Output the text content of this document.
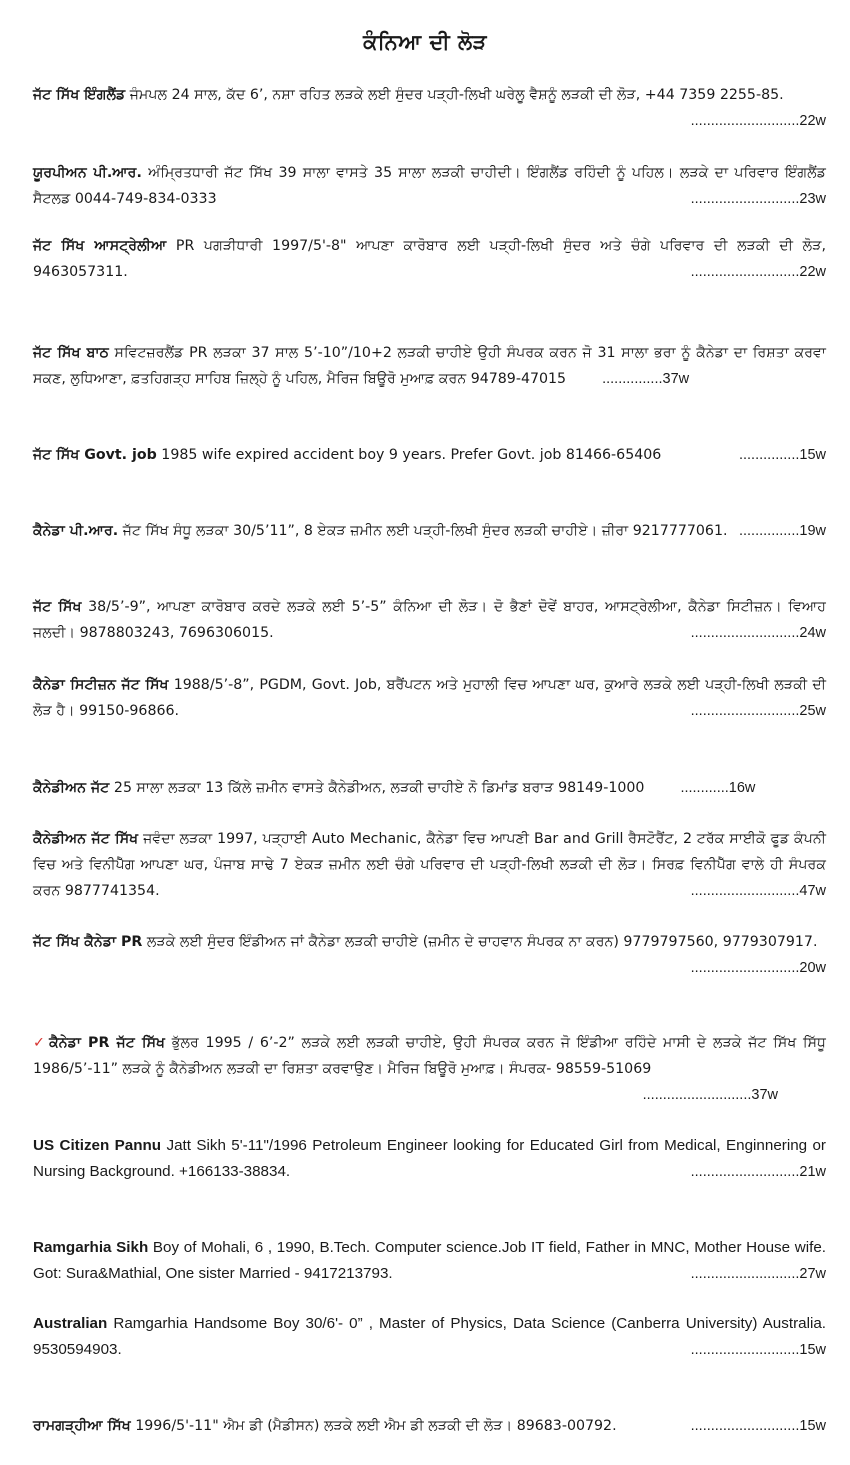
ਕੰਨਿਆ ਦੀ ਲੋੜ
ਜੱਟ ਸਿੱਖ ਇੰਗਲੈਂਡ ਜੰਮਪਲ 24 ਸਾਲ, ਕੱਦ 6’, ਨਸ਼ਾ ਰਹਿਤ ਲੜਕੇ ਲਈ ਸੁੰਦਰ ਪੜ੍ਹੀ-ਲਿਖੀ ਘਰੇਲੂ ਵੈਸ਼ਨੂੰ ਲੜਕੀ ਦੀ ਲੋੜ, +44 7359 2255-85.
...........................22w
ਯੂਰਪੀਅਨ ਪੀ.ਆਰ. ਅੰਮ੍ਰਿਤਧਾਰੀ ਜੱਟ ਸਿੱਖ 39 ਸਾਲਾ ਵਾਸਤੇ 35 ਸਾਲਾ ਲੜਕੀ ਚਾਹੀਦੀ। ਇੰਗਲੈਂਡ ਰਹਿੰਦੀ ਨੂੰ ਪਹਿਲ। ਲੜਕੇ ਦਾ ਪਰਿਵਾਰ ਇੰਗਲੈਂਡ ਸੈਟਲਡ 0044-749-834-0333	...........................23w
ਜੱਟ ਸਿੱਖ ਆਸਟ੍ਰੇਲੀਆ PR ਪਗੜੀਧਾਰੀ 1997/5'-8" ਆਪਣਾ ਕਾਰੋਬਾਰ ਲਈ ਪੜ੍ਹੀ-ਲਿਖੀ ਸੁੰਦਰ ਅਤੇ ਚੰਗੇ ਪਰਿਵਾਰ ਦੀ ਲੜਕੀ ਦੀ ਲੋੜ, 9463057311.	...........................22w
ਜੱਟ ਸਿੱਖ ਬਾਠ ਸਵਿਟਜ਼ਰਲੈਂਡ PR ਲੜਕਾ 37 ਸਾਲ 5’-10”/10+2 ਲੜਕੀ ਚਾਹੀਏ ਉਹੀ ਸੰਪਰਕ ਕਰਨ ਜੋ 31 ਸਾਲਾ ਭਰਾ ਨੂੰ ਕੈਨੇਡਾ ਦਾ ਰਿਸ਼ਤਾ ਕਰਵਾ ਸਕਣ, ਲੁਧਿਆਣਾ, ਫ਼ਤਹਿਗੜ੍ਹ ਸਾਹਿਬ ਜ਼ਿਲ੍ਹੇ ਨੂੰ ਪਹਿਲ, ਮੈਰਿਜ ਬਿਊਰੋ ਮੁਆਫ਼ ਕਰਨ 94789-47015 ...............37w
ਜੱਟ ਸਿੱਖ Govt. job 1985 wife expired accident boy 9 years. Prefer Govt. job 81466-65406	...............15w
ਕੈਨੇਡਾ ਪੀ.ਆਰ. ਜੱਟ ਸਿੱਖ ਸੰਧੂ ਲੜਕਾ 30/5’11”, 8 ਏਕੜ ਜ਼ਮੀਨ ਲਈ ਪੜ੍ਹੀ-ਲਿਖੀ ਸੁੰਦਰ ਲੜਕੀ ਚਾਹੀਏ। ਜ਼ੀਰਾ 9217777061. ...............19w
ਜੱਟ ਸਿੱਖ 38/5’-9”, ਆਪਣਾ ਕਾਰੋਬਾਰ ਕਰਦੇ ਲੜਕੇ ਲਈ 5’-5” ਕੰਨਿਆ ਦੀ ਲੋੜ। ਦੋ ਭੈਣਾਂ ਦੋਵੇਂ ਬਾਹਰ, ਆਸਟ੍ਰੇਲੀਆ, ਕੈਨੇਡਾ ਸਿਟੀਜ਼ਨ। ਵਿਆਹ ਜਲਦੀ। 9878803243, 7696306015.	...........................24w
ਕੈਨੇਡਾ ਸਿਟੀਜ਼ਨ ਜੱਟ ਸਿੱਖ 1988/5’-8”, PGDM, Govt. Job, ਬਰੈਂਪਟਨ ਅਤੇ ਮੁਹਾਲੀ ਵਿਚ ਆਪਣਾ ਘਰ, ਕੁਆਰੇ ਲੜਕੇ ਲਈ ਪੜ੍ਹੀ-ਲਿਖੀ ਲੜਕੀ ਦੀ ਲੋੜ ਹੈ। 99150-96866.	...........................25w
ਕੈਨੇਡੀਅਨ ਜੱਟ 25 ਸਾਲਾ ਲੜਕਾ 13 ਕਿੱਲੇ ਜ਼ਮੀਨ ਵਾਸਤੇ ਕੈਨੇਡੀਅਨ, ਲੜਕੀ ਚਾਹੀਏ ਨੋ ਡਿਮਾਂਡ ਬਰਾੜ 98149-1000 ............16w
ਕੈਨੇਡੀਅਨ ਜੱਟ ਸਿੱਖ ਜਵੰਦਾ ਲੜਕਾ 1997, ਪੜ੍ਹਾਈ Auto Mechanic, ਕੈਨੇਡਾ ਵਿਚ ਆਪਣੀ Bar and Grill ਰੈਸਟੋਰੈਂਟ, 2 ਟਰੱਕ ਸਾਈਕੋ ਫੂਡ ਕੰਪਨੀ ਵਿਚ ਅਤੇ ਵਿਨੀਪੈੱਗ ਆਪਣਾ ਘਰ, ਪੰਜਾਬ ਸਾਢੇ 7 ਏਕੜ ਜ਼ਮੀਨ ਲਈ ਚੰਗੇ ਪਰਿਵਾਰ ਦੀ ਪੜ੍ਹੀ-ਲਿਖੀ ਲੜਕੀ ਦੀ ਲੋੜ। ਸਿਰਫ਼ ਵਿਨੀਪੈੱਗ ਵਾਲੇ ਹੀ ਸੰਪਰਕ ਕਰਨ 9877741354.	...........................47w
ਜੱਟ ਸਿੱਖ ਕੈਨੇਡਾ PR ਲੜਕੇ ਲਈ ਸੁੰਦਰ ਇੰਡੀਅਨ ਜਾਂ ਕੈਨੇਡਾ ਲੜਕੀ ਚਾਹੀਏ (ਜ਼ਮੀਨ ਦੇ ਚਾਹਵਾਨ ਸੰਪਰਕ ਨਾ ਕਰਨ) 9779797560, 9779307917.
...........................20w
✓ ਕੈਨੇਡਾ PR ਜੱਟ ਸਿੱਖ ਭੁੱਲਰ 1995 / 6’-2” ਲੜਕੇ ਲਈ ਲੜਕੀ ਚਾਹੀਏ, ਉਹੀ ਸੰਪਰਕ ਕਰਨ ਜੋ ਇੰਡੀਆ ਰਹਿੰਦੇ ਮਾਸੀ ਦੇ ਲੜਕੇ ਜੱਟ ਸਿੱਖ ਸਿੱਧੂ 1986/5’-11” ਲੜਕੇ ਨੂੰ ਕੈਨੇਡੀਅਨ ਲੜਕੀ ਦਾ ਰਿਸ਼ਤਾ ਕਰਵਾਉਣ। ਮੈਰਿਜ ਬਿਊਰੋ ਮੁਆਫ਼। ਸੰਪਰਕ- 98559-51069
...........................37w
US Citizen Pannu Jatt Sikh 5'-11"/1996 Petroleum Engineer looking for Educated Girl from Medical, Enginnering or Nursing Background. +166133-38834.	...........................21w
Ramgarhia Sikh Boy of Mohali, 6 , 1990, B.Tech. Computer science.Job IT field, Father in MNC, Mother House wife. Got: Sura&Mathial, One sister Married - 9417213793.	...........................27w
Australian Ramgarhia Handsome Boy 30/6'- 0” , Master of Physics, Data Science (Canberra University) Australia. 9530594903.	...........................15w
ਰਾਮਗੜ੍ਹੀਆ ਸਿੱਖ 1996/5'-11" ਐਮ ਡੀ (ਮੈਡੀਸਨ) ਲੜਕੇ ਲਈ ਐਮ ਡੀ ਲੜਕੀ ਦੀ ਲੋੜ। 89683-00792.	...........................15w
